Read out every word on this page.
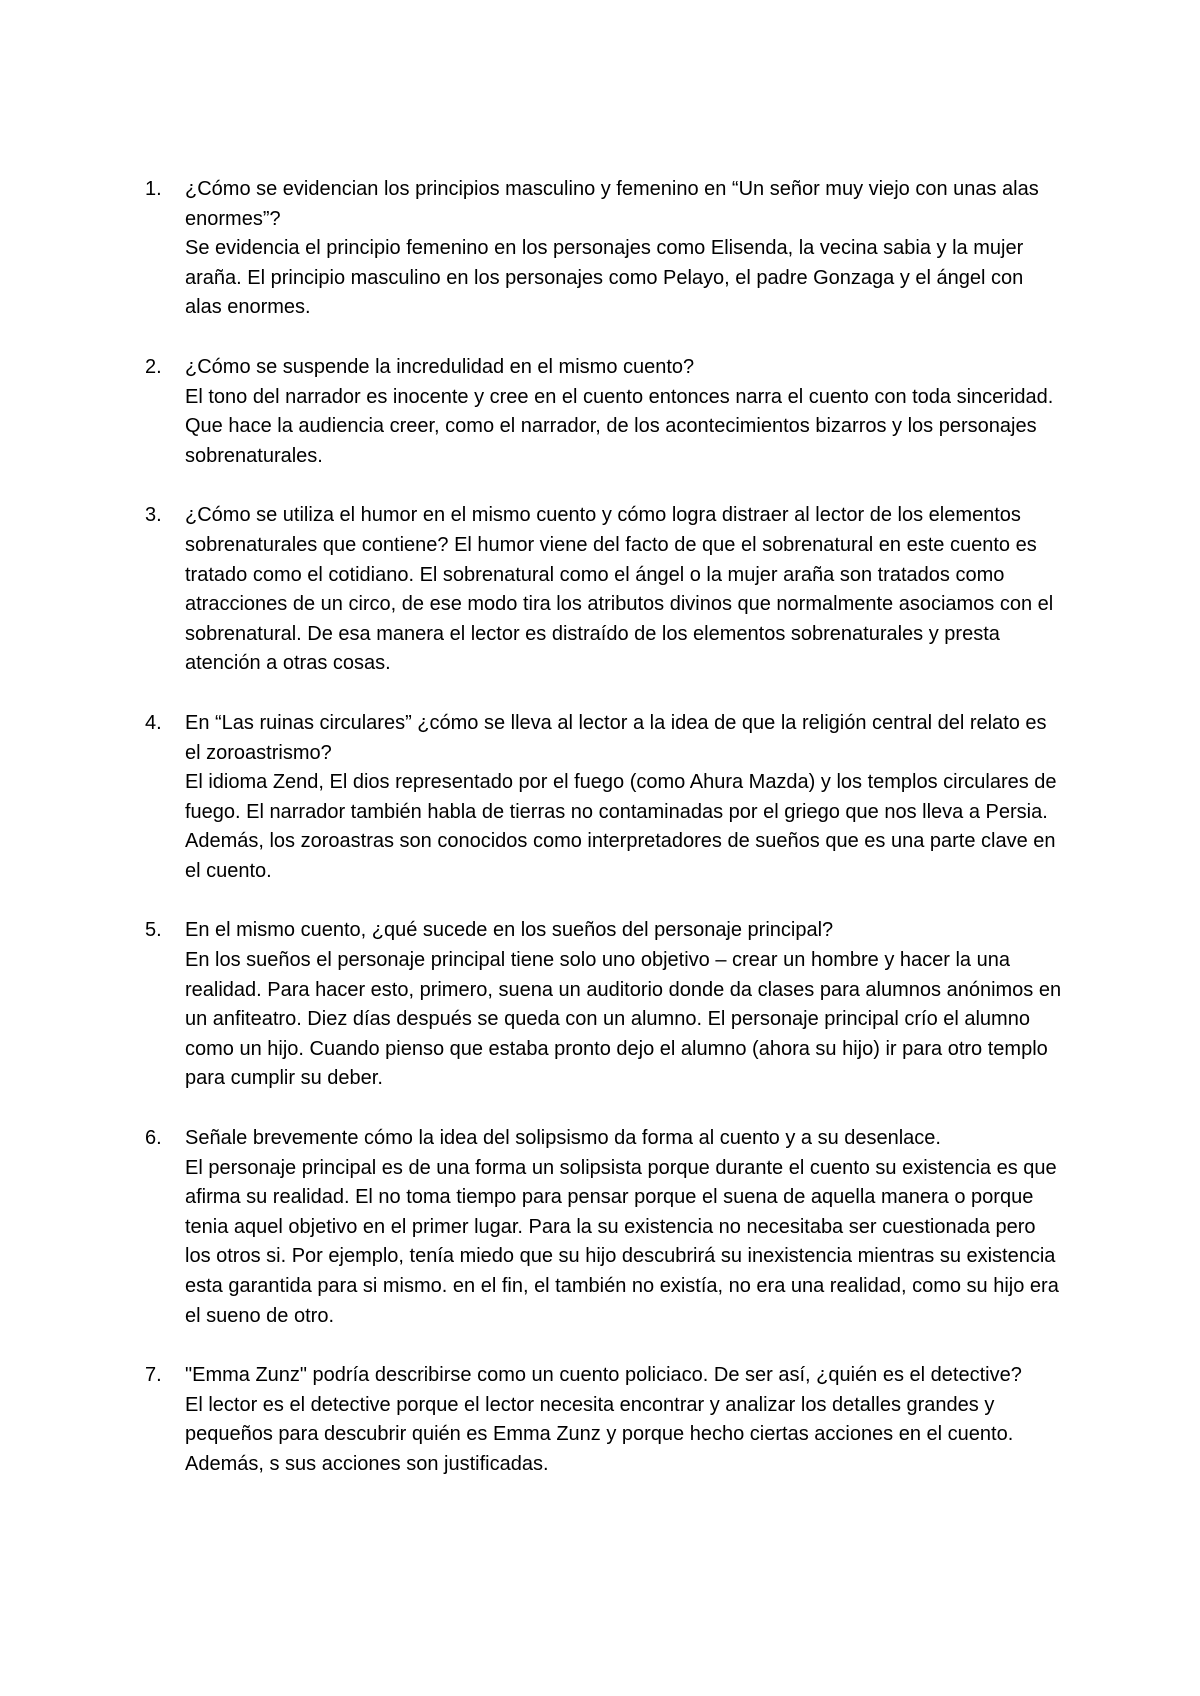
1.	¿Cómo se evidencian los principios masculino y femenino en “Un señor muy viejo con unas alas enormes”?
Se evidencia el principio femenino en los personajes como Elisenda, la vecina sabia y la mujer araña. El principio masculino en los personajes como Pelayo, el padre Gonzaga y el ángel con alas enormes.
2.	¿Cómo se suspende la incredulidad en el mismo cuento?
El tono del narrador es inocente y cree en el cuento entonces narra el cuento con toda sinceridad. Que hace la audiencia creer, como el narrador, de los acontecimientos bizarros y los personajes sobrenaturales.
3.	¿Cómo se utiliza el humor en el mismo cuento y cómo logra distraer al lector de los elementos sobrenaturales que contiene? El humor viene del facto de que el sobrenatural en este cuento es tratado como el cotidiano. El sobrenatural como el ángel o la mujer araña son tratados como atracciones de un circo, de ese modo tira los atributos divinos que normalmente asociamos con el sobrenatural. De esa manera el lector es distraído de los elementos sobrenaturales y presta atención a otras cosas.
4.	En “Las ruinas circulares” ¿cómo se lleva al lector a la idea de que la religión central del relato es el zoroastrismo?
El idioma Zend, El dios representado por el fuego (como Ahura Mazda) y los templos circulares de fuego. El narrador también habla de tierras no contaminadas por el griego que nos lleva a Persia. Además, los zoroastras son conocidos como interpretadores de sueños que es una parte clave en el cuento.
5.	En el mismo cuento, ¿qué sucede en los sueños del personaje principal?
En los sueños el personaje principal tiene solo uno objetivo – crear un hombre y hacer la una realidad. Para hacer esto, primero, suena un auditorio donde da clases para alumnos anónimos en un anfiteatro. Diez días después se queda con un alumno. El personaje principal crío el alumno como un hijo. Cuando pienso que estaba pronto dejo el alumno (ahora su hijo) ir para otro templo para cumplir su deber.
6.	Señale brevemente cómo la idea del solipsismo da forma al cuento y a su desenlace.
El personaje principal es de una forma un solipsista porque durante el cuento su existencia es que afirma su realidad. El no toma tiempo para pensar porque el suena de aquella manera o porque tenia aquel objetivo en el primer lugar. Para la su existencia no necesitaba ser cuestionada pero los otros si. Por ejemplo, tenía miedo que su hijo descubrirá su inexistencia mientras su existencia esta garantida para si mismo. en el fin, el también no existía, no era una realidad, como su hijo era el sueno de otro.
7.	"Emma Zunz" podría describirse como un cuento policiaco. De ser así, ¿quién es el detective?
El lector es el detective porque el lector necesita encontrar y analizar los detalles grandes y pequeños para descubrir quién es Emma Zunz y porque hecho ciertas acciones en el cuento. Además, s sus acciones son justificadas.
